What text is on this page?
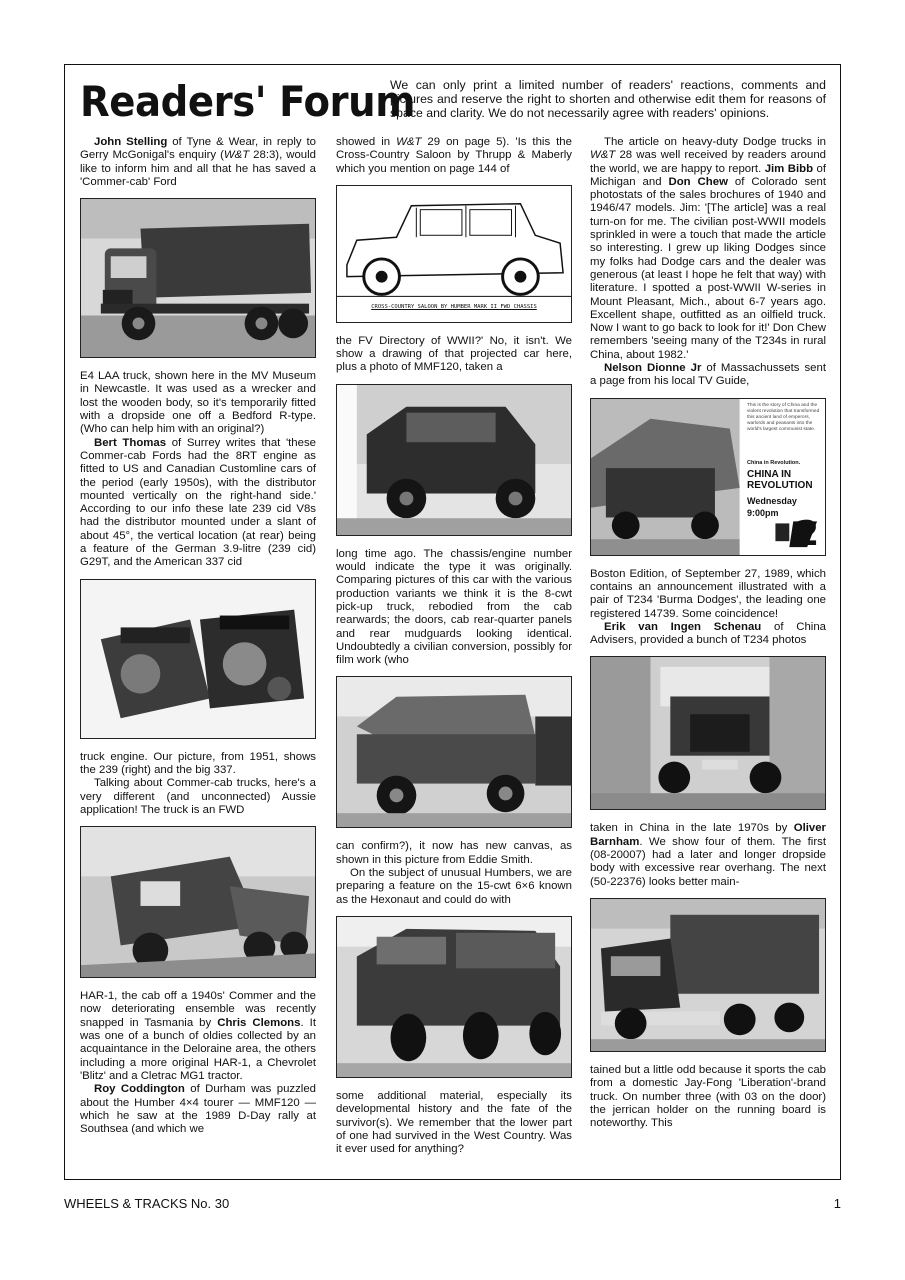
Readers' Forum

We can only print a limited number of readers' reactions, comments and pictures and reserve the right to shorten and otherwise edit them for reasons of space and clarity. We do not necessarily agree with readers' opinions.

John Stelling of Tyne & Wear, in reply to Gerry McGonigal's enquiry (W&T 28:3), would like to inform him and all that he has saved a 'Commer-cab' Ford

E4 LAA truck, shown here in the MV Museum in Newcastle. It was used as a wrecker and lost the wooden body, so it's temporarily fitted with a dropside one off a Bedford R-type. (Who can help him with an original?)

Bert Thomas of Surrey writes that 'these Commer-cab Fords had the 8RT engine as fitted to US and Canadian Customline cars of the period (early 1950s), with the distributor mounted vertically on the right-hand side.' According to our info these late 239 cid V8s had the distributor mounted under a slant of about 45°, the vertical location (at rear) being a feature of the German 3.9-litre (239 cid) G29T, and the American 337 cid

truck engine. Our picture, from 1951, shows the 239 (right) and the big 337.

Talking about Commer-cab trucks, here's a very different (and unconnected) Aussie application! The truck is an FWD

HAR-1, the cab off a 1940s' Commer and the now deteriorating ensemble was recently snapped in Tasmania by Chris Clemons. It was one of a bunch of oldies collected by an acquaintance in the Deloraine area, the others including a more original HAR-1, a Chevrolet 'Blitz' and a Cletrac MG1 tractor.

Roy Coddington of Durham was puzzled about the Humber 4×4 tourer — MMF120 — which he saw at the 1989 D-Day rally at Southsea (and which we

showed in W&T 29 on page 5). 'Is this the Cross-Country Saloon by Thrupp & Maberly which you mention on page 144 of

CROSS-COUNTRY SALOON BY HUMBER MARK II FWD CHASSIS

the FV Directory of WWII?' No, it isn't. We show a drawing of that projected car here, plus a photo of MMF120, taken a

long time ago. The chassis/engine number would indicate the type it was originally. Comparing pictures of this car with the various production variants we think it is the 8-cwt pick-up truck, rebodied from the cab rearwards; the doors, cab rear-quarter panels and rear mudguards looking identical. Undoubtedly a civilian conversion, possibly for film work (who

can confirm?), it now has new canvas, as shown in this picture from Eddie Smith.

On the subject of unusual Humbers, we are preparing a feature on the 15-cwt 6×6 known as the Hexonaut and could do with

some additional material, especially its developmental history and the fate of the survivor(s). We remember that the lower part of one had survived in the West Country. Was it ever used for anything?

The article on heavy-duty Dodge trucks in W&T 28 was well received by readers around the world, we are happy to report. Jim Bibb of Michigan and Don Chew of Colorado sent photostats of the sales brochures of 1940 and 1946/47 models. Jim: '[The article] was a real turn-on for me. The civilian post-WWII models sprinkled in were a touch that made the article so interesting. I grew up liking Dodges since my folks had Dodge cars and the dealer was generous (at least I hope he felt that way) with literature. I spotted a post-WWII W-series in Mount Pleasant, Mich., about 6-7 years ago. Excellent shape, outfitted as an oilfield truck. Now I want to go back to look for it!' Don Chew remembers 'seeing many of the T234s in rural China, about 1982.'

Nelson Dionne Jr of Massachussets sent a page from his local TV Guide,

This is the story of China and the violent revolution that transformed this ancient land of emperors, warlords and peasants into the world's largest communist state.
China in Revolution.
CHINA IN REVOLUTION
Wednesday
9:00pm
2

Boston Edition, of September 27, 1989, which contains an announcement illustrated with a pair of T234 'Burma Dodges', the leading one registered 14739. Some coincidence!

Erik van Ingen Schenau of China Advisers, provided a bunch of T234 photos

taken in China in the late 1970s by Oliver Barnham. We show four of them. The first (08-20007) had a later and longer dropside body with excessive rear overhang. The next (50-22376) looks better main-

tained but a little odd because it sports the cab from a domestic Jay-Fong 'Liberation'-brand truck. On number three (with 03 on the door) the jerrican holder on the running board is noteworthy. This

WHEELS & TRACKS No. 30	1
